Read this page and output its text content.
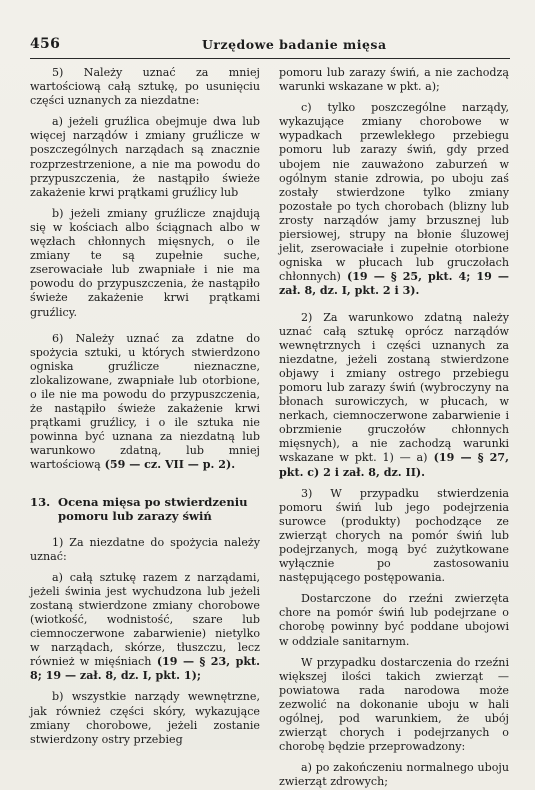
456	Urzędowe badanie mięsa

5) Należy uznać za mniej wartościową całą sztukę, po usunięciu części uznanych za niezdatne:

a) jeżeli gruźlica obejmuje dwa lub więcej narządów i zmiany gruźlicze w poszczególnych narządach są znacznie rozprzestrzenione, a nie ma powodu do przypuszczenia, że nastąpiło świeże zakażenie krwi prątkami gruźlicy lub

b) jeżeli zmiany gruźlicze znajdują się w kościach albo ściągnach albo w węzłach chłonnych mięsnych, o ile zmiany te są zupełnie suche, zserowaciałe lub zwapniałe i nie ma powodu do przypuszczenia, że nastąpiło świeże zakażenie krwi prątkami gruźlicy.

6) Należy uznać za zdatne do spożycia sztuki, u których stwierdzono ogniska gruźlicze nieznaczne, zlokalizowane, zwapniałe lub otorbione, o ile nie ma powodu do przypuszczenia, że nastąpiło świeże zakażenie krwi prątkami gruźlicy, i o ile sztuka nie powinna być uznana za niezdatną lub warunkowo zdatną, lub mniej wartościową (59 — cz. VII — p. 2).

13. Ocena mięsa po stwierdzeniu
pomoru lub zarazy świń

1) Za niezdatne do spożycia należy uznać:

a) całą sztukę razem z narządami, jeżeli świnia jest wychudzona lub jeżeli zostaną stwierdzone zmiany chorobowe (wiotkość, wodnistość, szare lub ciemnoczerwone zabarwienie) nietylko w narządach, skórze, tłuszczu, lecz również w mięśniach (19 — § 23, pkt. 8; 19 — zał. 8, dz. I, pkt. 1);

b) wszystkie narządy wewnętrzne, jak również części skóry, wykazujące zmiany chorobowe, jeżeli zostanie stwierdzony ostry przebieg

pomoru lub zarazy świń, a nie zachodzą warunki wskazane w pkt. a);

c) tylko poszczególne narządy, wykazujące zmiany chorobowe w wypadkach przewlekłego przebiegu pomoru lub zarazy świń, gdy przed ubojem nie zauważono zaburzeń w ogólnym stanie zdrowia, po uboju zaś zostały stwierdzone tylko zmiany pozostałe po tych chorobach (blizny lub zrosty narządów jamy brzusznej lub piersiowej, strupy na błonie śluzowej jelit, zserowaciałe i zupełnie otorbione ogniska w płucach lub gruczołach chłonnych) (19 — § 25, pkt. 4; 19 — zał. 8, dz. I, pkt. 2 i 3).

2) Za warunkowo zdatną należy uznać całą sztukę oprócz narządów wewnętrznych i części uznanych za niezdatne, jeżeli zostaną stwierdzone objawy i zmiany ostrego przebiegu pomoru lub zarazy świń (wybroczyny na błonach surowiczych, w płucach, w nerkach, ciemnoczerwone zabarwienie i obrzmienie gruczołów chłonnych mięsnych), a nie zachodzą warunki wskazane w pkt. 1) — a) (19 — § 27, pkt. c) 2 i zał. 8, dz. II).

3) W przypadku stwierdzenia pomoru świń lub jego podejrzenia surowce (produkty) pochodzące ze zwierząt chorych na pomór świń lub podejrzanych, mogą być zużytkowane wyłącznie po zastosowaniu następującego postępowania.

Dostarczone do rzeźni zwierzęta chore na pomór świń lub podejrzane o chorobę powinny być poddane ubojowi w oddziale sanitarnym.

W przypadku dostarczenia do rzeźni większej ilości takich zwierząt — powiatowa rada narodowa może zezwolić na dokonanie uboju w hali ogólnej, pod warunkiem, że ubój zwierząt chorych i podejrzanych o chorobę będzie przeprowadzony:

a) po zakończeniu normalnego uboju zwierząt zdrowych;
